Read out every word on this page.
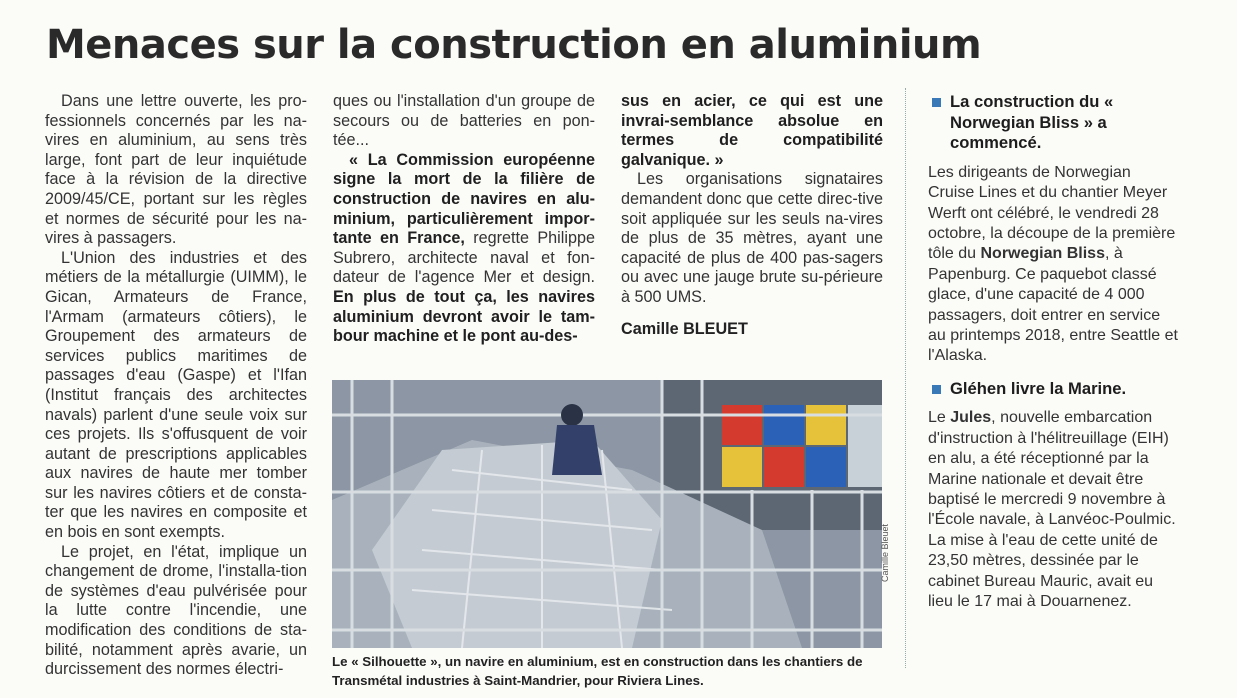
Menaces sur la construction en aluminium

Dans une lettre ouverte, les pro-fessionnels concernés par les na-vires en aluminium, au sens très large, font part de leur inquiétude face à la révision de la directive 2009/45/CE, portant sur les règles et normes de sécurité pour les na-vires à passagers.

L'Union des industries et des métiers de la métallurgie (UIMM), le Gican, Armateurs de France, l'Armam (armateurs côtiers), le Groupement des armateurs de services publics maritimes de passages d'eau (Gaspe) et l'Ifan (Institut français des architectes navals) parlent d'une seule voix sur ces projets. Ils s'offusquent de voir autant de prescriptions applicables aux navires de haute mer tomber sur les navires côtiers et de consta-ter que les navires en composite et en bois en sont exempts.

Le projet, en l'état, implique un changement de drome, l'installa-tion de systèmes d'eau pulvérisée pour la lutte contre l'incendie, une modification des conditions de sta-bilité, notamment après avarie, un durcissement des normes électri-

ques ou l'installation d'un groupe de secours ou de batteries en pon-tée...

« La Commission européenne signe la mort de la filière de construction de navires en alu-minium, particulièrement impor-tante en France, regrette Philippe Subrero, architecte naval et fon-dateur de l'agence Mer et design. En plus de tout ça, les navires aluminium devront avoir le tam-bour machine et le pont au-des-

sus en acier, ce qui est une invrai-semblance absolue en termes de compatibilité galvanique. »

Les organisations signataires demandent donc que cette direc-tive soit appliquée sur les seuls na-vires de plus de 35 mètres, ayant une capacité de plus de 400 pas-sagers ou avec une jauge brute su-périeure à 500 UMS.

Camille BLEUET

Camille Bleuet

Le « Silhouette », un navire en aluminium, est en construction dans les chantiers de Transmétal industries à Saint-Mandrier, pour Riviera Lines.

La construction du « Norwegian Bliss » a commencé.

Les dirigeants de Norwegian Cruise Lines et du chantier Meyer Werft ont célébré, le vendredi 28 octobre, la découpe de la première tôle du Norwegian Bliss, à Papenburg. Ce paquebot classé glace, d'une capacité de 4 000 passagers, doit entrer en service au printemps 2018, entre Seattle et l'Alaska.

Gléhen livre la Marine.

Le Jules, nouvelle embarcation d'instruction à l'hélitreuillage (EIH) en alu, a été réceptionné par la Marine nationale et devait être baptisé le mercredi 9 novembre à l'École navale, à Lanvéoc-Poulmic. La mise à l'eau de cette unité de 23,50 mètres, dessinée par le cabinet Bureau Mauric, avait eu lieu le 17 mai à Douarnenez.
